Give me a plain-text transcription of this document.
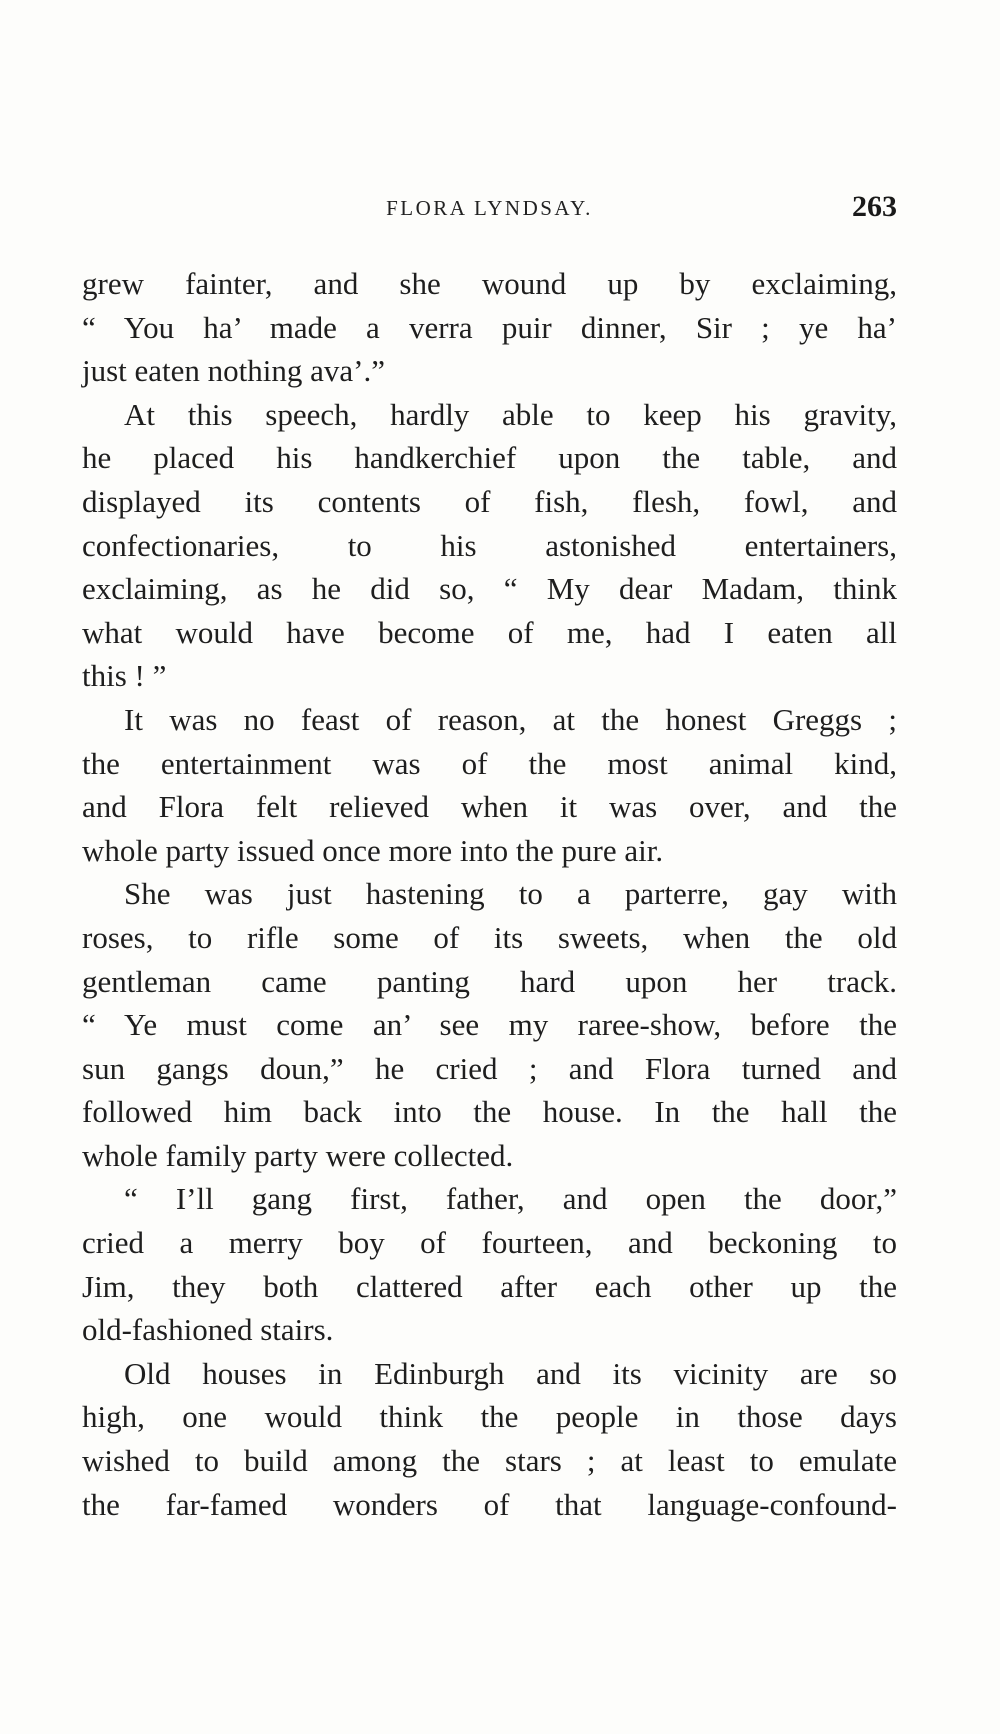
FLORA LYNDSAY.	263
grew fainter, and she wound up by exclaiming,
“ You ha’ made a verra puir dinner, Sir ; ye ha’
just eaten nothing ava’.”
At this speech, hardly able to keep his gravity,
he placed his handkerchief upon the table, and
displayed its contents of fish, flesh, fowl, and
confectionaries, to his astonished entertainers,
exclaiming, as he did so, “ My dear Madam, think
what would have become of me, had I eaten all
this ! ”
It was no feast of reason, at the honest Greggs ;
the entertainment was of the most animal kind,
and Flora felt relieved when it was over, and the
whole party issued once more into the pure air.
She was just hastening to a parterre, gay with
roses, to rifle some of its sweets, when the old
gentleman came panting hard upon her track.
“ Ye must come an’ see my raree-show, before the
sun gangs doun,” he cried ; and Flora turned and
followed him back into the house. In the hall the
whole family party were collected.
“ I’ll gang first, father, and open the door,”
cried a merry boy of fourteen, and beckoning to
Jim, they both clattered after each other up the
old-fashioned stairs.
Old houses in Edinburgh and its vicinity are so
high, one would think the people in those days
wished to build among the stars ; at least to emulate
the far-famed wonders of that language-confound-
